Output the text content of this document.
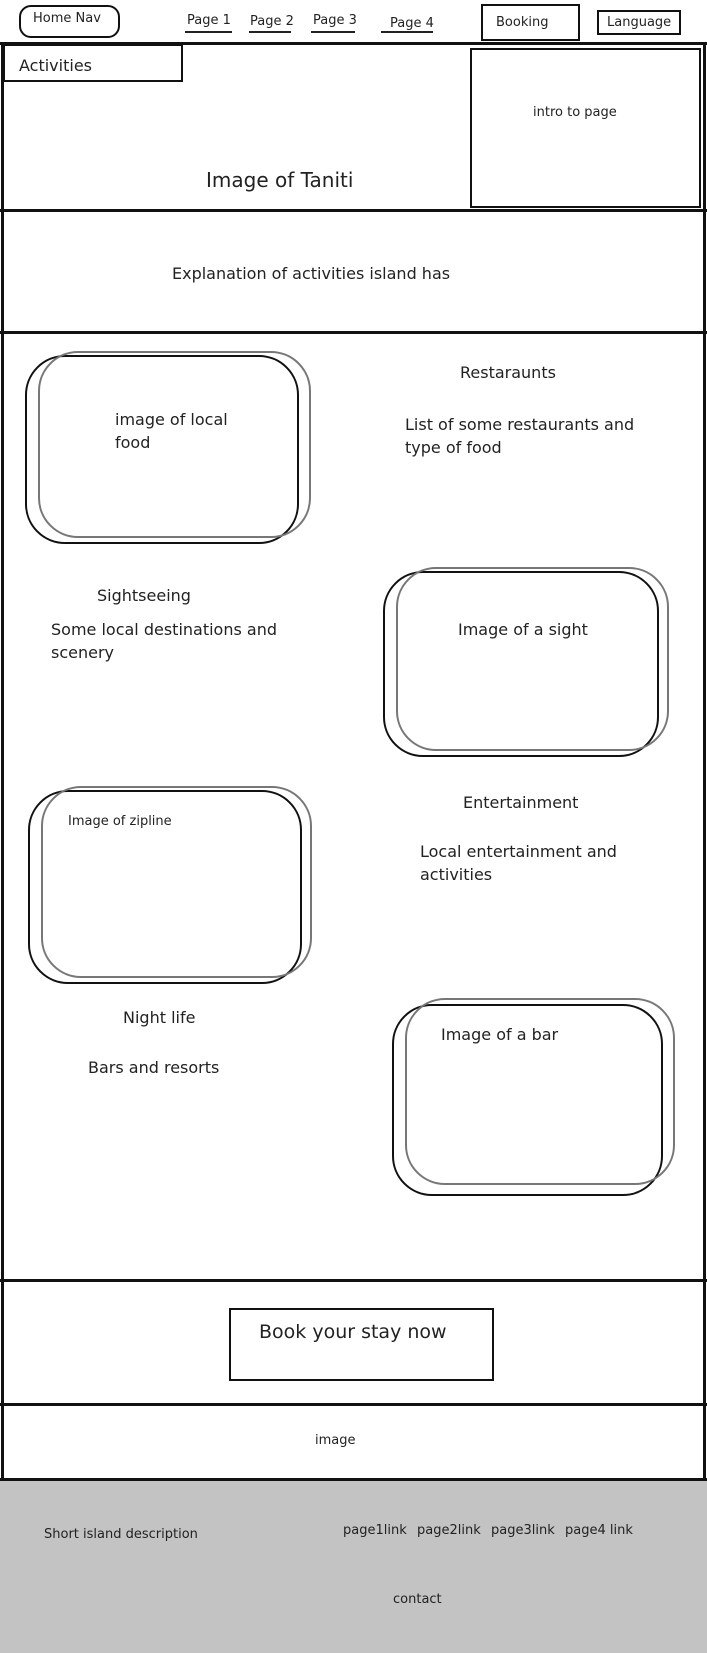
Home Nav	Page 1 Page 2 Page 3	Page 4	Booking	Language
Activities
Image of Taniti
intro to page
Explanation of activities island has
image of local
food
Restaraunts
List of some restaurants and
type of food
Sightseeing
Some local destinations and
scenery
Image of a sight
Image of zipline
Entertainment
Local entertainment and
activities
Night life
Bars and resorts
Image of a bar
Book your stay now
image
Short island description	page1link page2link page3link page4 link
contact
